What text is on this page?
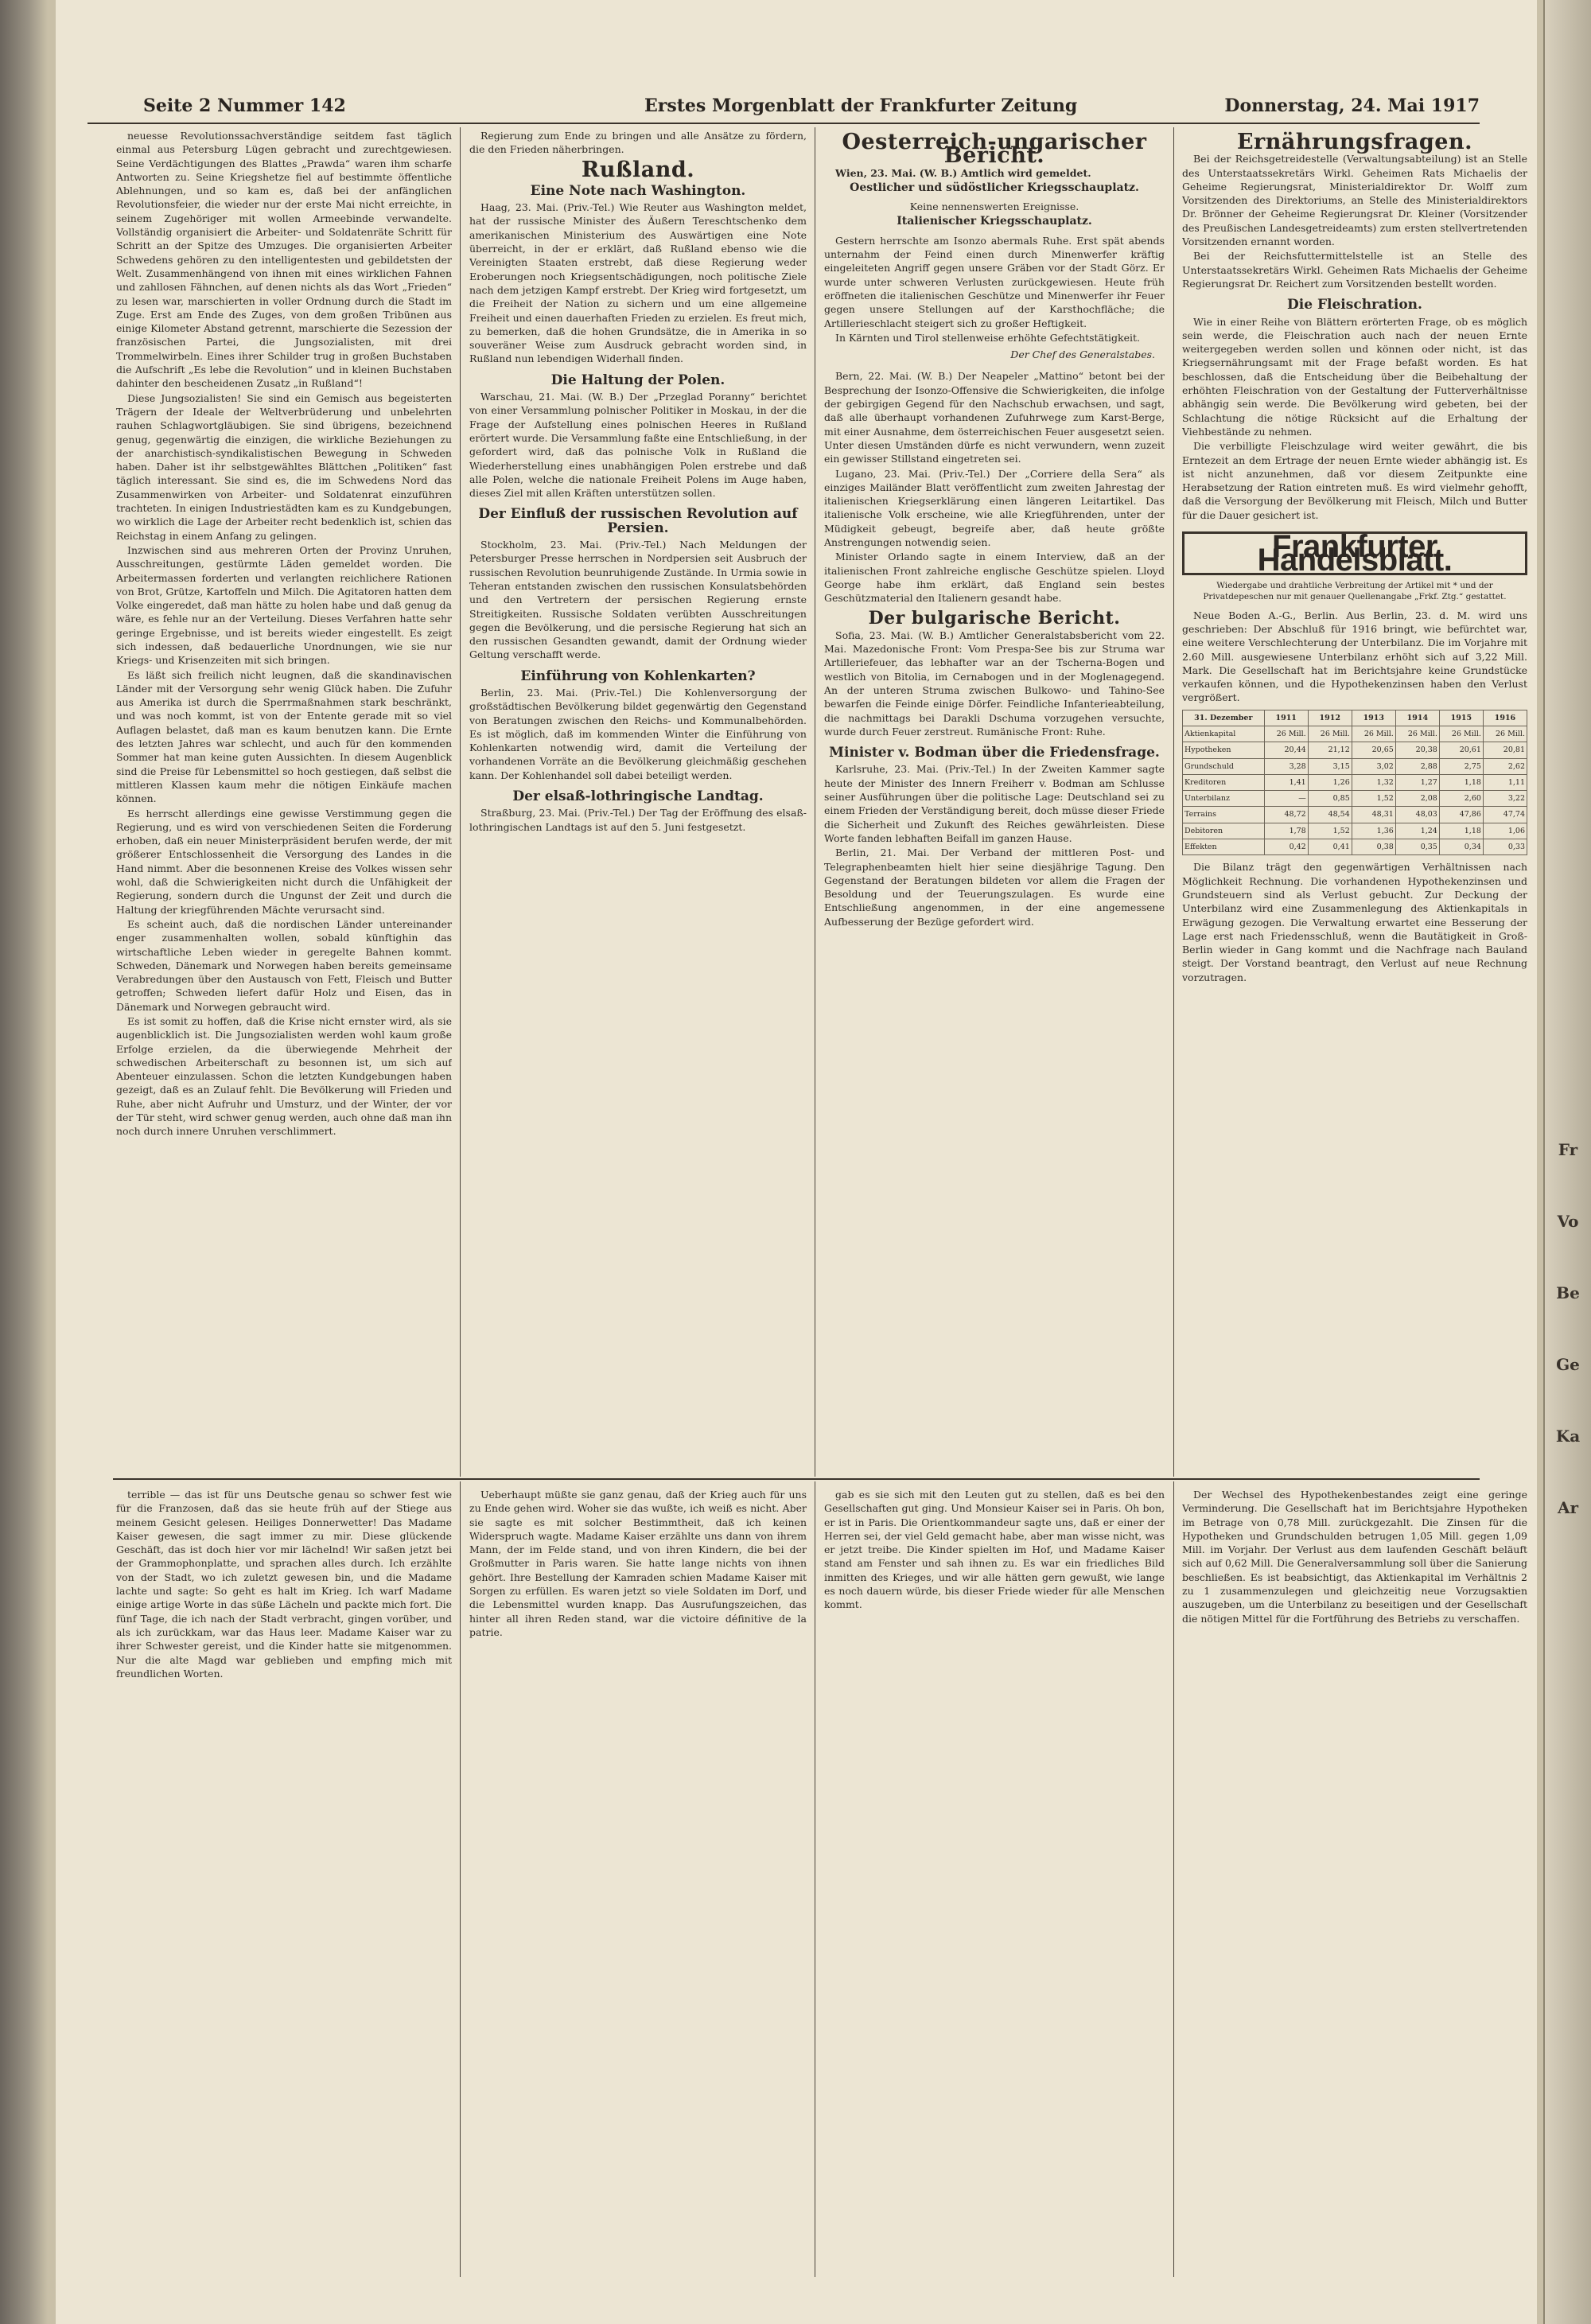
Fr
Vo
Be
Ge
Ka
Ar
Seite 2 Nummer 142	Erstes Morgenblatt der Frankfurter Zeitung	Donnerstag, 24. Mai 1917

neuesse Revolutionssachverständige seitdem fast täglich einmal aus Petersburg Lügen gebracht und zurechtgewiesen. Seine Verdächtigungen des Blattes „Prawda“ waren ihm scharfe Antworten zu. Seine Kriegshetze fiel auf bestimmte öffentliche Ablehnungen, und so kam es, daß bei der anfänglichen Revolutionsfeier, die wieder nur der erste Mai nicht erreichte, in seinem Zugehöriger mit wollen Armeebinde verwandelte. Vollständig organisiert die Arbeiter- und Soldatenräte Schritt für Schritt an der Spitze des Umzuges. Die organisierten Arbeiter Schwedens gehören zu den intelligentesten und gebildetsten der Welt. Zusammenhängend von ihnen mit eines wirklichen Fahnen und zahllosen Fähnchen, auf denen nichts als das Wort „Frieden“ zu lesen war, marschierten in voller Ordnung durch die Stadt im Zuge. Erst am Ende des Zuges, von dem großen Tribünen aus einige Kilometer Abstand getrennt, marschierte die Sezession der französischen Partei, die Jungsozialisten, mit drei Trommelwirbeln. Eines ihrer Schilder trug in großen Buchstaben die Aufschrift „Es lebe die Revolution“ und in kleinen Buchstaben dahinter den bescheidenen Zusatz „in Rußland“!

Diese Jungsozialisten! Sie sind ein Gemisch aus begeisterten Trägern der Ideale der Weltverbrüderung und unbelehrten rauhen Schlagwortgläubigen. Sie sind übrigens, bezeichnend genug, gegenwärtig die einzigen, die wirkliche Beziehungen zu der anarchistisch-syndikalistischen Bewegung in Schweden haben. Daher ist ihr selbstgewähltes Blättchen „Politiken“ fast täglich interessant. Sie sind es, die im Schwedens Nord das Zusammenwirken von Arbeiter- und Soldatenrat einzuführen trachteten. In einigen Industriestädten kam es zu Kundgebungen, wo wirklich die Lage der Arbeiter recht bedenklich ist, schien das Reichstag in einem Anfang zu gelingen.

Inzwischen sind aus mehreren Orten der Provinz Unruhen, Ausschreitungen, gestürmte Läden gemeldet worden. Die Arbeitermassen forderten und verlangten reichlichere Rationen von Brot, Grütze, Kartoffeln und Milch. Die Agitatoren hatten dem Volke eingeredet, daß man hätte zu holen habe und daß genug da wäre, es fehle nur an der Verteilung. Dieses Verfahren hatte sehr geringe Ergebnisse, und ist bereits wieder eingestellt. Es zeigt sich indessen, daß bedauerliche Unordnungen, wie sie nur Kriegs- und Krisenzeiten mit sich bringen.

Es läßt sich freilich nicht leugnen, daß die skandinavischen Länder mit der Versorgung sehr wenig Glück haben. Die Zufuhr aus Amerika ist durch die Sperrmaßnahmen stark beschränkt, und was noch kommt, ist von der Entente gerade mit so viel Auflagen belastet, daß man es kaum benutzen kann. Die Ernte des letzten Jahres war schlecht, und auch für den kommenden Sommer hat man keine guten Aussichten. In diesem Augenblick sind die Preise für Lebensmittel so hoch gestiegen, daß selbst die mittleren Klassen kaum mehr die nötigen Einkäufe machen können.

Es herrscht allerdings eine gewisse Verstimmung gegen die Regierung, und es wird von verschiedenen Seiten die Forderung erhoben, daß ein neuer Ministerpräsident berufen werde, der mit größerer Entschlossenheit die Versorgung des Landes in die Hand nimmt. Aber die besonnenen Kreise des Volkes wissen sehr wohl, daß die Schwierigkeiten nicht durch die Unfähigkeit der Regierung, sondern durch die Ungunst der Zeit und durch die Haltung der kriegführenden Mächte verursacht sind.

Es scheint auch, daß die nordischen Länder untereinander enger zusammenhalten wollen, sobald künftighin das wirtschaftliche Leben wieder in geregelte Bahnen kommt. Schweden, Dänemark und Norwegen haben bereits gemeinsame Verabredungen über den Austausch von Fett, Fleisch und Butter getroffen; Schweden liefert dafür Holz und Eisen, das in Dänemark und Norwegen gebraucht wird.

Es ist somit zu hoffen, daß die Krise nicht ernster wird, als sie augenblicklich ist. Die Jungsozialisten werden wohl kaum große Erfolge erzielen, da die überwiegende Mehrheit der schwedischen Arbeiterschaft zu besonnen ist, um sich auf Abenteuer einzulassen. Schon die letzten Kundgebungen haben gezeigt, daß es an Zulauf fehlt. Die Bevölkerung will Frieden und Ruhe, aber nicht Aufruhr und Umsturz, und der Winter, der vor der Tür steht, wird schwer genug werden, auch ohne daß man ihn noch durch innere Unruhen verschlimmert.

Regierung zum Ende zu bringen und alle Ansätze zu fördern, die den Frieden näherbringen.

Rußland.
Eine Note nach Washington.

Haag, 23. Mai. (Priv.-Tel.) Wie Reuter aus Washington meldet, hat der russische Minister des Äußern Tereschtschenko dem amerikanischen Ministerium des Auswärtigen eine Note überreicht, in der er erklärt, daß Rußland ebenso wie die Vereinigten Staaten erstrebt, daß diese Regierung weder Eroberungen noch Kriegsentschädigungen, noch politische Ziele nach dem jetzigen Kampf erstrebt. Der Krieg wird fortgesetzt, um die Freiheit der Nation zu sichern und um eine allgemeine Freiheit und einen dauerhaften Frieden zu erzielen. Es freut mich, zu bemerken, daß die hohen Grundsätze, die in Amerika in so souveräner Weise zum Ausdruck gebracht worden sind, in Rußland nun lebendigen Widerhall finden.

Die Haltung der Polen.

Warschau, 21. Mai. (W. B.) Der „Przeglad Poranny“ berichtet von einer Versammlung polnischer Politiker in Moskau, in der die Frage der Aufstellung eines polnischen Heeres in Rußland erörtert wurde. Die Versammlung faßte eine Entschließung, in der gefordert wird, daß das polnische Volk in Rußland die Wiederherstellung eines unabhängigen Polen erstrebe und daß alle Polen, welche die nationale Freiheit Polens im Auge haben, dieses Ziel mit allen Kräften unterstützen sollen.

Der Einfluß der russischen Revolution auf Persien.

Stockholm, 23. Mai. (Priv.-Tel.) Nach Meldungen der Petersburger Presse herrschen in Nordpersien seit Ausbruch der russischen Revolution beunruhigende Zustände. In Urmia sowie in Teheran entstanden zwischen den russischen Konsulatsbehörden und den Vertretern der persischen Regierung ernste Streitigkeiten. Russische Soldaten verübten Ausschreitungen gegen die Bevölkerung, und die persische Regierung hat sich an den russischen Gesandten gewandt, damit der Ordnung wieder Geltung verschafft werde.

Einführung von Kohlenkarten?

Berlin, 23. Mai. (Priv.-Tel.) Die Kohlenversorgung der großstädtischen Bevölkerung bildet gegenwärtig den Gegenstand von Beratungen zwischen den Reichs- und Kommunalbehörden. Es ist möglich, daß im kommenden Winter die Einführung von Kohlenkarten notwendig wird, damit die Verteilung der vorhandenen Vorräte an die Bevölkerung gleichmäßig geschehen kann. Der Kohlenhandel soll dabei beteiligt werden.

Der elsaß-lothringische Landtag.

Straßburg, 23. Mai. (Priv.-Tel.) Der Tag der Eröffnung des elsaß-lothringischen Landtags ist auf den 5. Juni festgesetzt.

Oesterreich-ungarischer Bericht.

Wien, 23. Mai. (W. B.) Amtlich wird gemeldet.

Oestlicher und südöstlicher Kriegsschauplatz.

Keine nennenswerten Ereignisse.

Italienischer Kriegsschauplatz.

Gestern herrschte am Isonzo abermals Ruhe. Erst spät abends unternahm der Feind einen durch Minenwerfer kräftig eingeleiteten Angriff gegen unsere Gräben vor der Stadt Görz. Er wurde unter schweren Verlusten zurückgewiesen. Heute früh eröffneten die italienischen Geschütze und Minenwerfer ihr Feuer gegen unsere Stellungen auf der Karsthochfläche; die Artillerieschlacht steigert sich zu großer Heftigkeit.

In Kärnten und Tirol stellenweise erhöhte Gefechtstätigkeit.

Der Chef des Generalstabes.

Bern, 22. Mai. (W. B.) Der Neapeler „Mattino“ betont bei der Besprechung der Isonzo-Offensive die Schwierigkeiten, die infolge der gebirgigen Gegend für den Nachschub erwachsen, und sagt, daß alle überhaupt vorhandenen Zufuhrwege zum Karst-Berge, mit einer Ausnahme, dem österreichischen Feuer ausgesetzt seien. Unter diesen Umständen dürfe es nicht verwundern, wenn zuzeit ein gewisser Stillstand eingetreten sei.

Lugano, 23. Mai. (Priv.-Tel.) Der „Corriere della Sera“ als einziges Mailänder Blatt veröffentlicht zum zweiten Jahrestag der italienischen Kriegserklärung einen längeren Leitartikel. Das italienische Volk erscheine, wie alle Kriegführenden, unter der Müdigkeit gebeugt, begreife aber, daß heute größte Anstrengungen notwendig seien.

Minister Orlando sagte in einem Interview, daß an der italienischen Front zahlreiche englische Geschütze spielen. Lloyd George habe ihm erklärt, daß England sein bestes Geschützmaterial den Italienern gesandt habe.

Der bulgarische Bericht.

Sofia, 23. Mai. (W. B.) Amtlicher Generalstabsbericht vom 22. Mai. Mazedonische Front: Vom Prespa-See bis zur Struma war Artilleriefeuer, das lebhafter war an der Tscherna-Bogen und westlich von Bitolia, im Cernabogen und in der Moglenagegend. An der unteren Struma zwischen Bulkowo- und Tahino-See bewarfen die Feinde einige Dörfer. Feindliche Infanterieabteilung, die nachmittags bei Darakli Dschuma vorzugehen versuchte, wurde durch Feuer zerstreut. Rumänische Front: Ruhe.

Minister v. Bodman über die Friedensfrage.

Karlsruhe, 23. Mai. (Priv.-Tel.) In der Zweiten Kammer sagte heute der Minister des Innern Freiherr v. Bodman am Schlusse seiner Ausführungen über die politische Lage: Deutschland sei zu einem Frieden der Verständigung bereit, doch müsse dieser Friede die Sicherheit und Zukunft des Reiches gewährleisten. Diese Worte fanden lebhaften Beifall im ganzen Hause.

Berlin, 21. Mai. Der Verband der mittleren Post- und Telegraphenbeamten hielt hier seine diesjährige Tagung. Den Gegenstand der Beratungen bildeten vor allem die Fragen der Besoldung und der Teuerungszulagen. Es wurde eine Entschließung angenommen, in der eine angemessene Aufbesserung der Bezüge gefordert wird.

Ernährungsfragen.

Bei der Reichsgetreidestelle (Verwaltungsabteilung) ist an Stelle des Unterstaatssekretärs Wirkl. Geheimen Rats Michaelis der Geheime Regierungsrat, Ministerialdirektor Dr. Wolff zum Vorsitzenden des Direktoriums, an Stelle des Ministerialdirektors Dr. Brönner der Geheime Regierungsrat Dr. Kleiner (Vorsitzender des Preußischen Landesgetreideamts) zum ersten stellvertretenden Vorsitzenden ernannt worden.

Bei der Reichsfuttermittelstelle ist an Stelle des Unterstaatssekretärs Wirkl. Geheimen Rats Michaelis der Geheime Regierungsrat Dr. Reichert zum Vorsitzenden bestellt worden.

Die Fleischration.

Wie in einer Reihe von Blättern erörterten Frage, ob es möglich sein werde, die Fleischration auch nach der neuen Ernte weitergegeben werden sollen und können oder nicht, ist das Kriegsernährungsamt mit der Frage befaßt worden. Es hat beschlossen, daß die Entscheidung über die Beibehaltung der erhöhten Fleischration von der Gestaltung der Futterverhältnisse abhängig sein werde. Die Bevölkerung wird gebeten, bei der Schlachtung die nötige Rücksicht auf die Erhaltung der Viehbestände zu nehmen.

Die verbilligte Fleischzulage wird weiter gewährt, die bis Erntezeit an dem Ertrage der neuen Ernte wieder abhängig ist. Es ist nicht anzunehmen, daß vor diesem Zeitpunkte eine Herabsetzung der Ration eintreten muß. Es wird vielmehr gehofft, daß die Versorgung der Bevölkerung mit Fleisch, Milch und Butter für die Dauer gesichert ist.

Frankfurter Handelsblatt.
Wiedergabe und drahtliche Verbreitung der Artikel mit * und der Privatdepeschen nur mit genauer Quellenangabe „Frkf. Ztg.“ gestattet.

Neue Boden A.-G., Berlin. Aus Berlin, 23. d. M. wird uns geschrieben: Der Abschluß für 1916 bringt, wie befürchtet war, eine weitere Verschlechterung der Unterbilanz. Die im Vorjahre mit 2.60 Mill. ausgewiesene Unterbilanz erhöht sich auf 3,22 Mill. Mark. Die Gesellschaft hat im Berichtsjahre keine Grundstücke verkaufen können, und die Hypothekenzinsen haben den Verlust vergrößert.

31. Dezember	1911	1912	1913	1914	1915	1916
Aktienkapital	26 Mill.	26 Mill.	26 Mill.	26 Mill.	26 Mill.	26 Mill.
Hypotheken	20,44	21,12	20,65	20,38	20,61	20,81
Grundschuld	3,28	3,15	3,02	2,88	2,75	2,62
Kreditoren	1,41	1,26	1,32	1,27	1,18	1,11
Unterbilanz	—	0,85	1,52	2,08	2,60	3,22
Terrains	48,72	48,54	48,31	48,03	47,86	47,74
Debitoren	1,78	1,52	1,36	1,24	1,18	1,06
Effekten	0,42	0,41	0,38	0,35	0,34	0,33

Die Bilanz trägt den gegenwärtigen Verhältnissen nach Möglichkeit Rechnung. Die vorhandenen Hypothekenzinsen und Grundsteuern sind als Verlust gebucht. Zur Deckung der Unterbilanz wird eine Zusammenlegung des Aktienkapitals in Erwägung gezogen. Die Verwaltung erwartet eine Besserung der Lage erst nach Friedensschluß, wenn die Bautätigkeit in Groß-Berlin wieder in Gang kommt und die Nachfrage nach Bauland steigt. Der Vorstand beantragt, den Verlust auf neue Rechnung vorzutragen.

terrible — das ist für uns Deutsche genau so schwer fest wie für die Franzosen, daß das sie heute früh auf der Stiege aus meinem Gesicht gelesen. Heiliges Donnerwetter! Das Madame Kaiser gewesen, die sagt immer zu mir. Diese glückende Geschäft, das ist doch hier vor mir lächelnd! Wir saßen jetzt bei der Grammophonplatte, und sprachen alles durch. Ich erzählte von der Stadt, wo ich zuletzt gewesen bin, und die Madame lachte und sagte: So geht es halt im Krieg. Ich warf Madame einige artige Worte in das süße Lächeln und packte mich fort. Die fünf Tage, die ich nach der Stadt verbracht, gingen vorüber, und als ich zurückkam, war das Haus leer. Madame Kaiser war zu ihrer Schwester gereist, und die Kinder hatte sie mitgenommen. Nur die alte Magd war geblieben und empfing mich mit freundlichen Worten.

Ueberhaupt müßte sie ganz genau, daß der Krieg auch für uns zu Ende gehen wird. Woher sie das wußte, ich weiß es nicht. Aber sie sagte es mit solcher Bestimmtheit, daß ich keinen Widerspruch wagte. Madame Kaiser erzählte uns dann von ihrem Mann, der im Felde stand, und von ihren Kindern, die bei der Großmutter in Paris waren. Sie hatte lange nichts von ihnen gehört. Ihre Bestellung der Kamraden schien Madame Kaiser mit Sorgen zu erfüllen. Es waren jetzt so viele Soldaten im Dorf, und die Lebensmittel wurden knapp. Das Ausrufungszeichen, das hinter all ihren Reden stand, war die victoire définitive de la patrie.

gab es sie sich mit den Leuten gut zu stellen, daß es bei den Gesellschaften gut ging. Und Monsieur Kaiser sei in Paris. Oh bon, er ist in Paris. Die Orientkommandeur sagte uns, daß er einer der Herren sei, der viel Geld gemacht habe, aber man wisse nicht, was er jetzt treibe. Die Kinder spielten im Hof, und Madame Kaiser stand am Fenster und sah ihnen zu. Es war ein friedliches Bild inmitten des Krieges, und wir alle hätten gern gewußt, wie lange es noch dauern würde, bis dieser Friede wieder für alle Menschen kommt.

Der Wechsel des Hypothekenbestandes zeigt eine geringe Verminderung. Die Gesellschaft hat im Berichtsjahre Hypotheken im Betrage von 0,78 Mill. zurückgezahlt. Die Zinsen für die Hypotheken und Grundschulden betrugen 1,05 Mill. gegen 1,09 Mill. im Vorjahr. Der Verlust aus dem laufenden Geschäft beläuft sich auf 0,62 Mill. Die Generalversammlung soll über die Sanierung beschließen. Es ist beabsichtigt, das Aktienkapital im Verhältnis 2 zu 1 zusammenzulegen und gleichzeitig neue Vorzugsaktien auszugeben, um die Unterbilanz zu beseitigen und der Gesellschaft die nötigen Mittel für die Fortführung des Betriebs zu verschaffen.
